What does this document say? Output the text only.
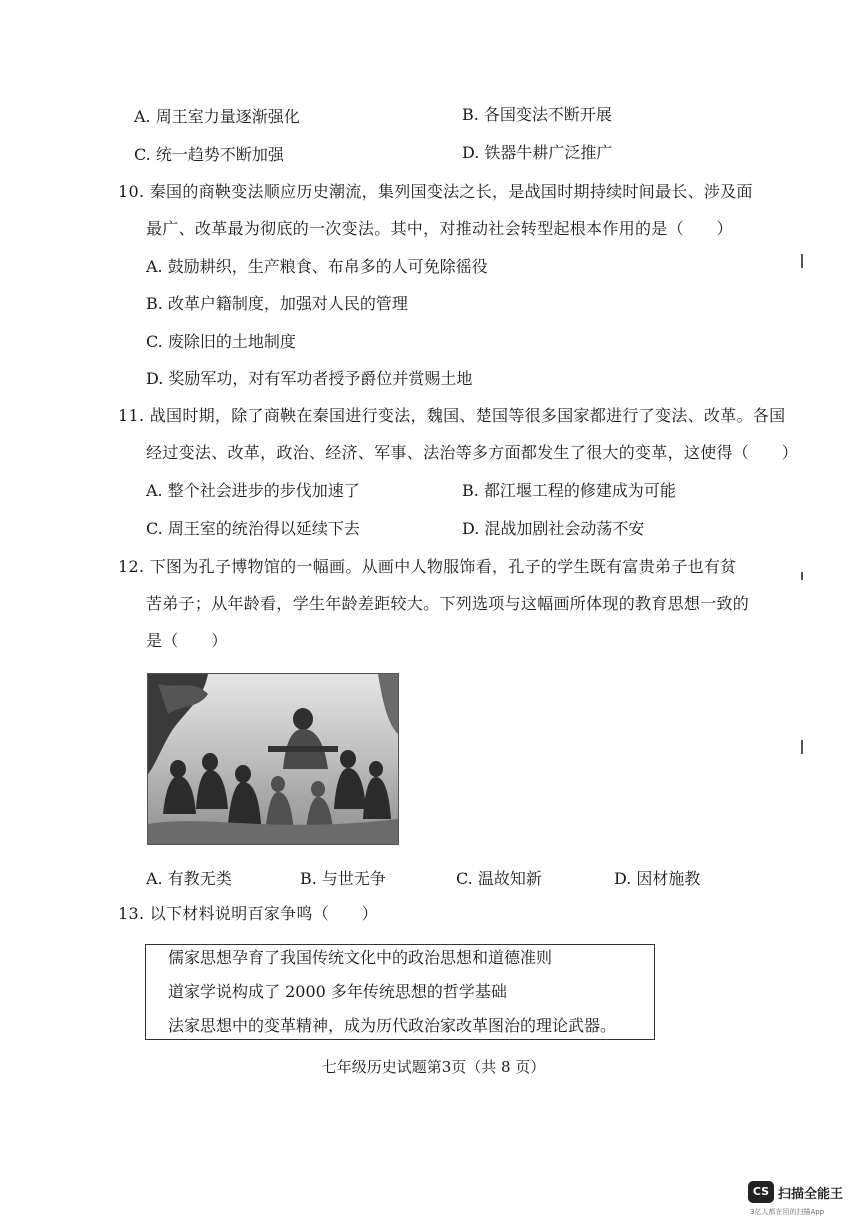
A. 周王室力量逐渐强化	B. 各国变法不断开展
C. 统一趋势不断加强	D. 铁器牛耕广泛推广
10. 秦国的商鞅变法顺应历史潮流，集列国变法之长，是战国时期持续时间最长、涉及面
最广、改革最为彻底的一次变法。其中，对推动社会转型起根本作用的是（　　）
A. 鼓励耕织，生产粮食、布帛多的人可免除徭役
B. 改革户籍制度，加强对人民的管理
C. 废除旧的土地制度
D. 奖励军功，对有军功者授予爵位并赏赐土地
11. 战国时期，除了商鞅在秦国进行变法，魏国、楚国等很多国家都进行了变法、改革。各国
经过变法、改革，政治、经济、军事、法治等多方面都发生了很大的变革，这使得（　　）
A. 整个社会进步的步伐加速了	B. 都江堰工程的修建成为可能
C. 周王室的统治得以延续下去	D. 混战加剧社会动荡不安
12. 下图为孔子博物馆的一幅画。从画中人物服饰看，孔子的学生既有富贵弟子也有贫
苦弟子；从年龄看，学生年龄差距较大。下列选项与这幅画所体现的教育思想一致的
是（　　）
A. 有教无类	B. 与世无争	C. 温故知新	D. 因材施教
13. 以下材料说明百家争鸣（　　）
儒家思想孕育了我国传统文化中的政治思想和道德准则
道家学说构成了 2000 多年传统思想的哲学基础
法家思想中的变革精神，成为历代政治家改革图治的理论武器。
七年级历史试题第3页（共 8 页）
CS 扫描全能王
3亿人都在用的扫描App
